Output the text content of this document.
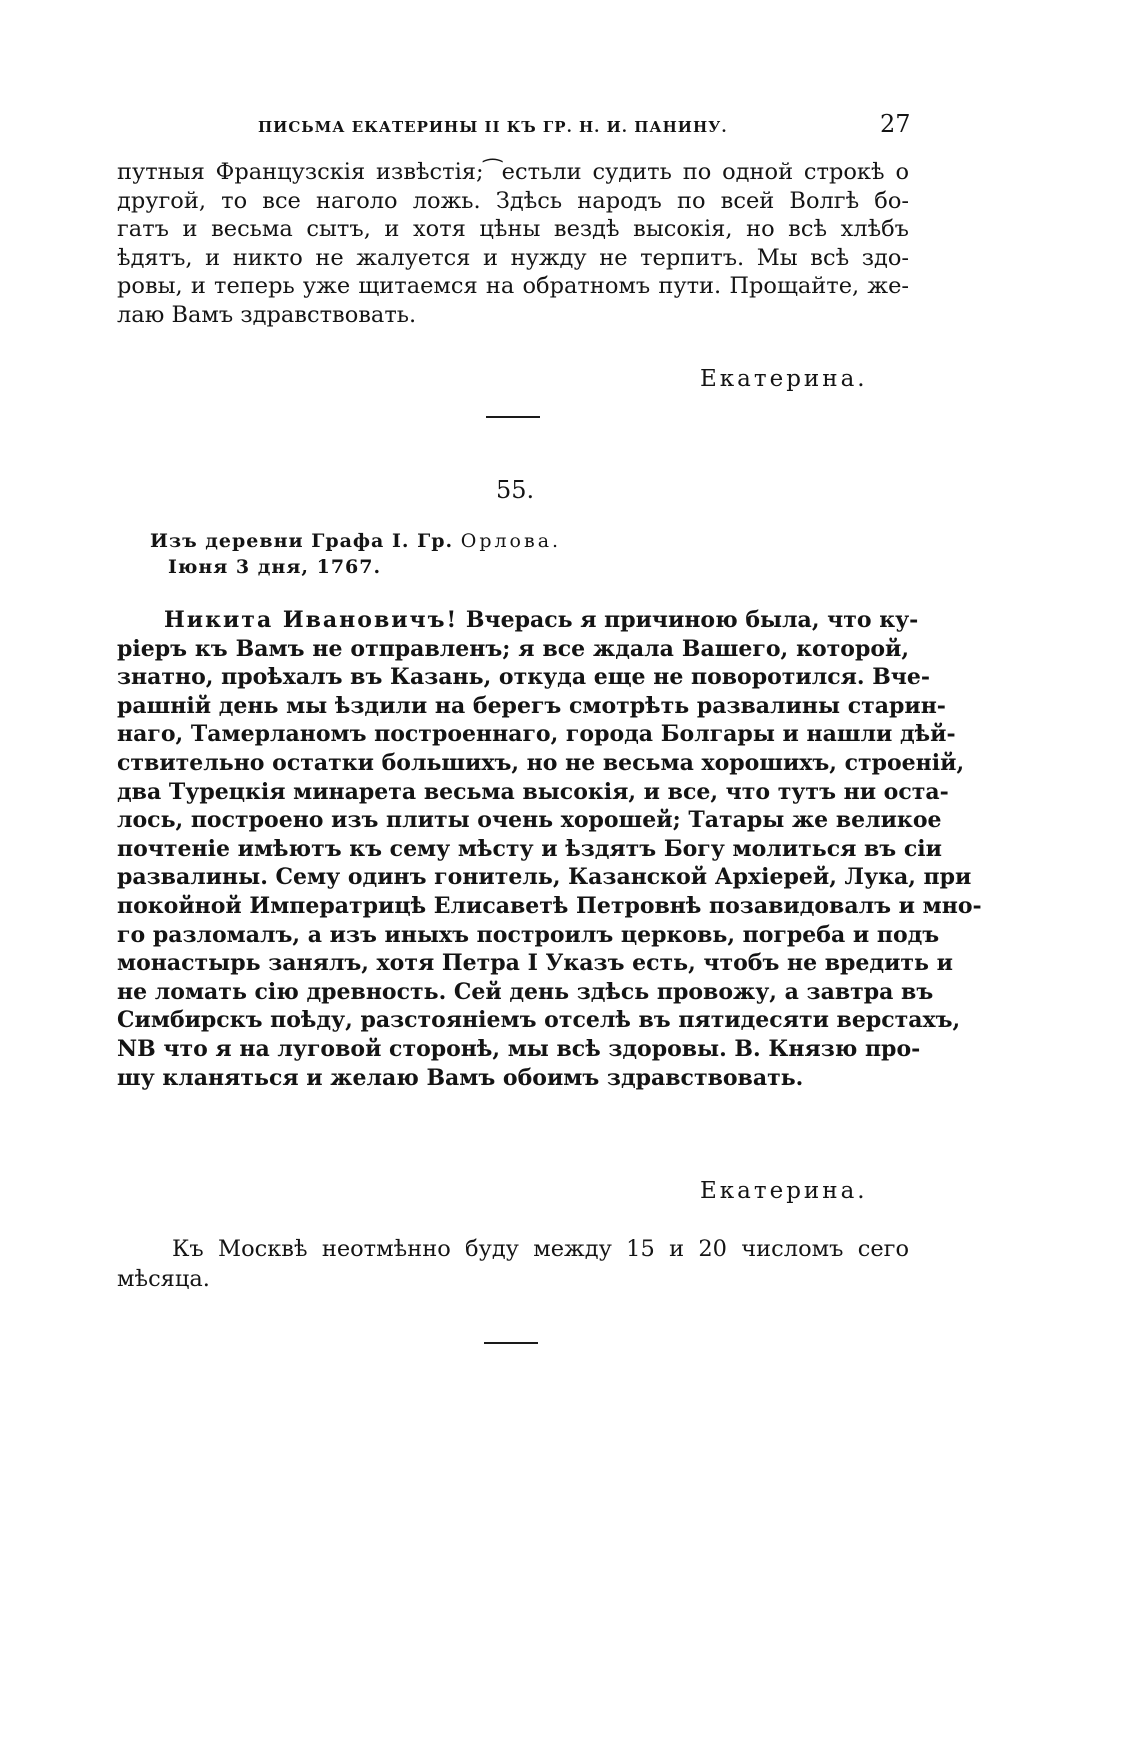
ПИСЬМА ЕКАТЕРИНЫ II КЪ ГР. Н. И. ПАНИНУ.	27
путныя Французскія извѣстія;⁀естьли судить по одной строкѣ о
другой, то все наголо ложь. Здѣсь народъ по всей Волгѣ бо-
гатъ и весьма сытъ, и хотя цѣны вездѣ высокія, но всѣ хлѣбъ
ѣдятъ, и никто не жалуется и нужду не терпитъ. Мы всѣ здо-
ровы, и теперь уже щитаемся на обратномъ пути. Прощайте, же-
лаю Вамъ здравствовать.
Екатерина.
55.
Изъ деревни Графа I. Гр. Орлова.
Iюня 3 дня, 1767.
Никита Ивановичъ! Вчерась я причиною была, что ку-
ріеръ къ Вамъ не отправленъ; я все ждала Вашего, которой,
знатно, проѣхалъ въ Казань, откуда еще не поворотился. Вче-
рашній день мы ѣздили на берегъ смотрѣть развалины старин-
наго, Тамерланомъ построеннаго, города Болгары и нашли дѣй-
ствительно остатки большихъ, но не весьма хорошихъ, строеній,
два Турецкія минарета весьма высокія, и все, что тутъ ни оста-
лось, построено изъ плиты очень хорошей; Татары же великое
почтеніе имѣютъ къ сему мѣсту и ѣздятъ Богу молиться въ сіи
развалины. Сему одинъ гонитель, Казанской Архіерей, Лука, при
покойной Императрицѣ Елисаветѣ Петровнѣ позавидовалъ и мно-
го разломалъ, а изъ иныхъ построилъ церковь, погреба и подъ
монастырь занялъ, хотя Петра I Указъ есть, чтобъ не вредить и
не ломать сію древность. Сей день здѣсь провожу, а завтра въ
Симбирскъ поѣду, разстояніемъ отселѣ въ пятидесяти верстахъ,
NB что я на луговой сторонѣ, мы всѣ здоровы. В. Князю про-
шу кланяться и желаю Вамъ обоимъ здравствовать.
Екатерина.
Къ Москвѣ неотмѣнно буду между 15 и 20 числомъ сего
мѣсяца.
